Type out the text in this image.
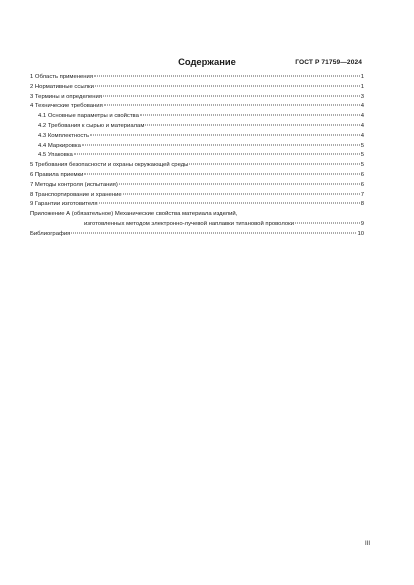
ГОСТ Р 71759—2024
Содержание
1 Область применения	1
2 Нормативные ссылки	1
3 Термины и определения	3
4 Технические требования	4
4.1 Основные параметры и свойства	4
4.2 Требования к сырью и материалам	4
4.3 Комплектность	4
4.4 Маркировка	5
4.5 Упаковка	5
5 Требования безопасности и охраны окружающей среды	5
6 Правила приемки	6
7 Методы контроля (испытания)	6
8 Транспортирование и хранение	7
9 Гарантии изготовителя	8
Приложение А (обязательное) Механические свойства материала изделий,
изготовленных методом электронно-лучевой наплавки титановой проволоки	9
Библиография	10
III
